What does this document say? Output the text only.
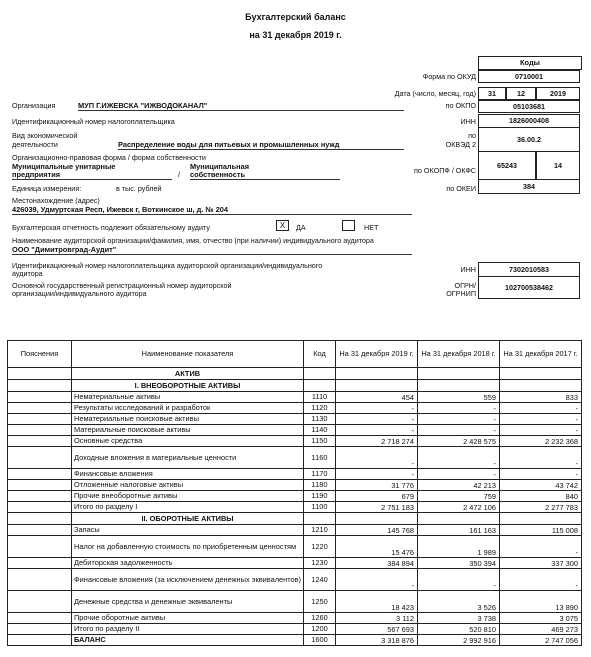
Бухгалтерский баланс
на 31 декабря 2019 г.
Коды
Форма по ОКУД	0710001
Дата (число, месяц, год)	31	12	2019
Организация	МУП Г.ИЖЕВСКА "ИЖВОДОКАНАЛ"	по ОКПО	05103681
Идентификационный номер налогоплательщика	ИНН	1826000408
Вид экономической
деятельности	Распределение воды для питьевых и промышленных нужд
по
ОКВЭД 2
36.00.2
Организационно-правовая форма / форма собственности
Муниципальные унитарные
предприятия	/
Муниципальная
собственность	по ОКОПФ / ОКФС
65243	14
Единица измерения:	в тыс. рублей	по ОКЕИ	384
Местонахождение (адрес)
426039, Удмуртская Респ, Ижевск г, Воткинское ш, д. № 204
Бухгалтерская отчетность подлежит обязательному аудиту	X	ДА	НЕТ
Наименование аудиторской организации/фамилия, имя, отчество (при наличии) индивидуального аудитора
ООО "Димитровград-Аудит"
Идентификационный номер налогоплательщика аудиторской организации/индивидуального
аудитора	ИНН	7302010583
Основной государственный регистрационный номер аудиторской
организации/индивидуального аудитора
ОГРН/
ОГРНИП
102700538462
Пояснения	Наименование показателя	Код	На 31 декабря 2019 г.	На 31 декабря 2018 г.	На 31 декабря 2017 г.
	АКТИВ				
	I. ВНЕОБОРОТНЫЕ АКТИВЫ				
	Нематериальные активы	1110	454	559	833
	Результаты исследований и разработок	1120	-	-	-
	Нематериальные поисковые активы	1130	-	-	-
	Материальные поисковые активы	1140	-	-	-
	Основные средства	1150	2 718 274	2 428 575	2 232 368
	Доходные вложения в материальные ценности	1160	-	-	-
	Финансовые вложения	1170	-	-	-
	Отложенные налоговые активы	1180	31 776	42 213	43 742
	Прочие внеоборотные активы	1190	679	759	840
	Итого по разделу I	1100	2 751 183	2 472 106	2 277 783
	II. ОБОРОТНЫЕ АКТИВЫ				
	Запасы	1210	145 768	161 163	115 008
	Налог на добавленную стоимость по приобретенным ценностям	1220	15 476	1 989	-
	Дебиторская задолженность	1230	384 894	350 394	337 300
	Финансовые вложения (за исключением денежных эквивалентов)	1240	-	-	-
	Денежные средства и денежные эквиваленты	1250	18 423	3 526	13 890
	Прочие оборотные активы	1260	3 112	3 738	3 075
	Итого по разделу II	1200	567 693	520 810	469 273
	БАЛАНС	1600	3 318 876	2 992 916	2 747 056
